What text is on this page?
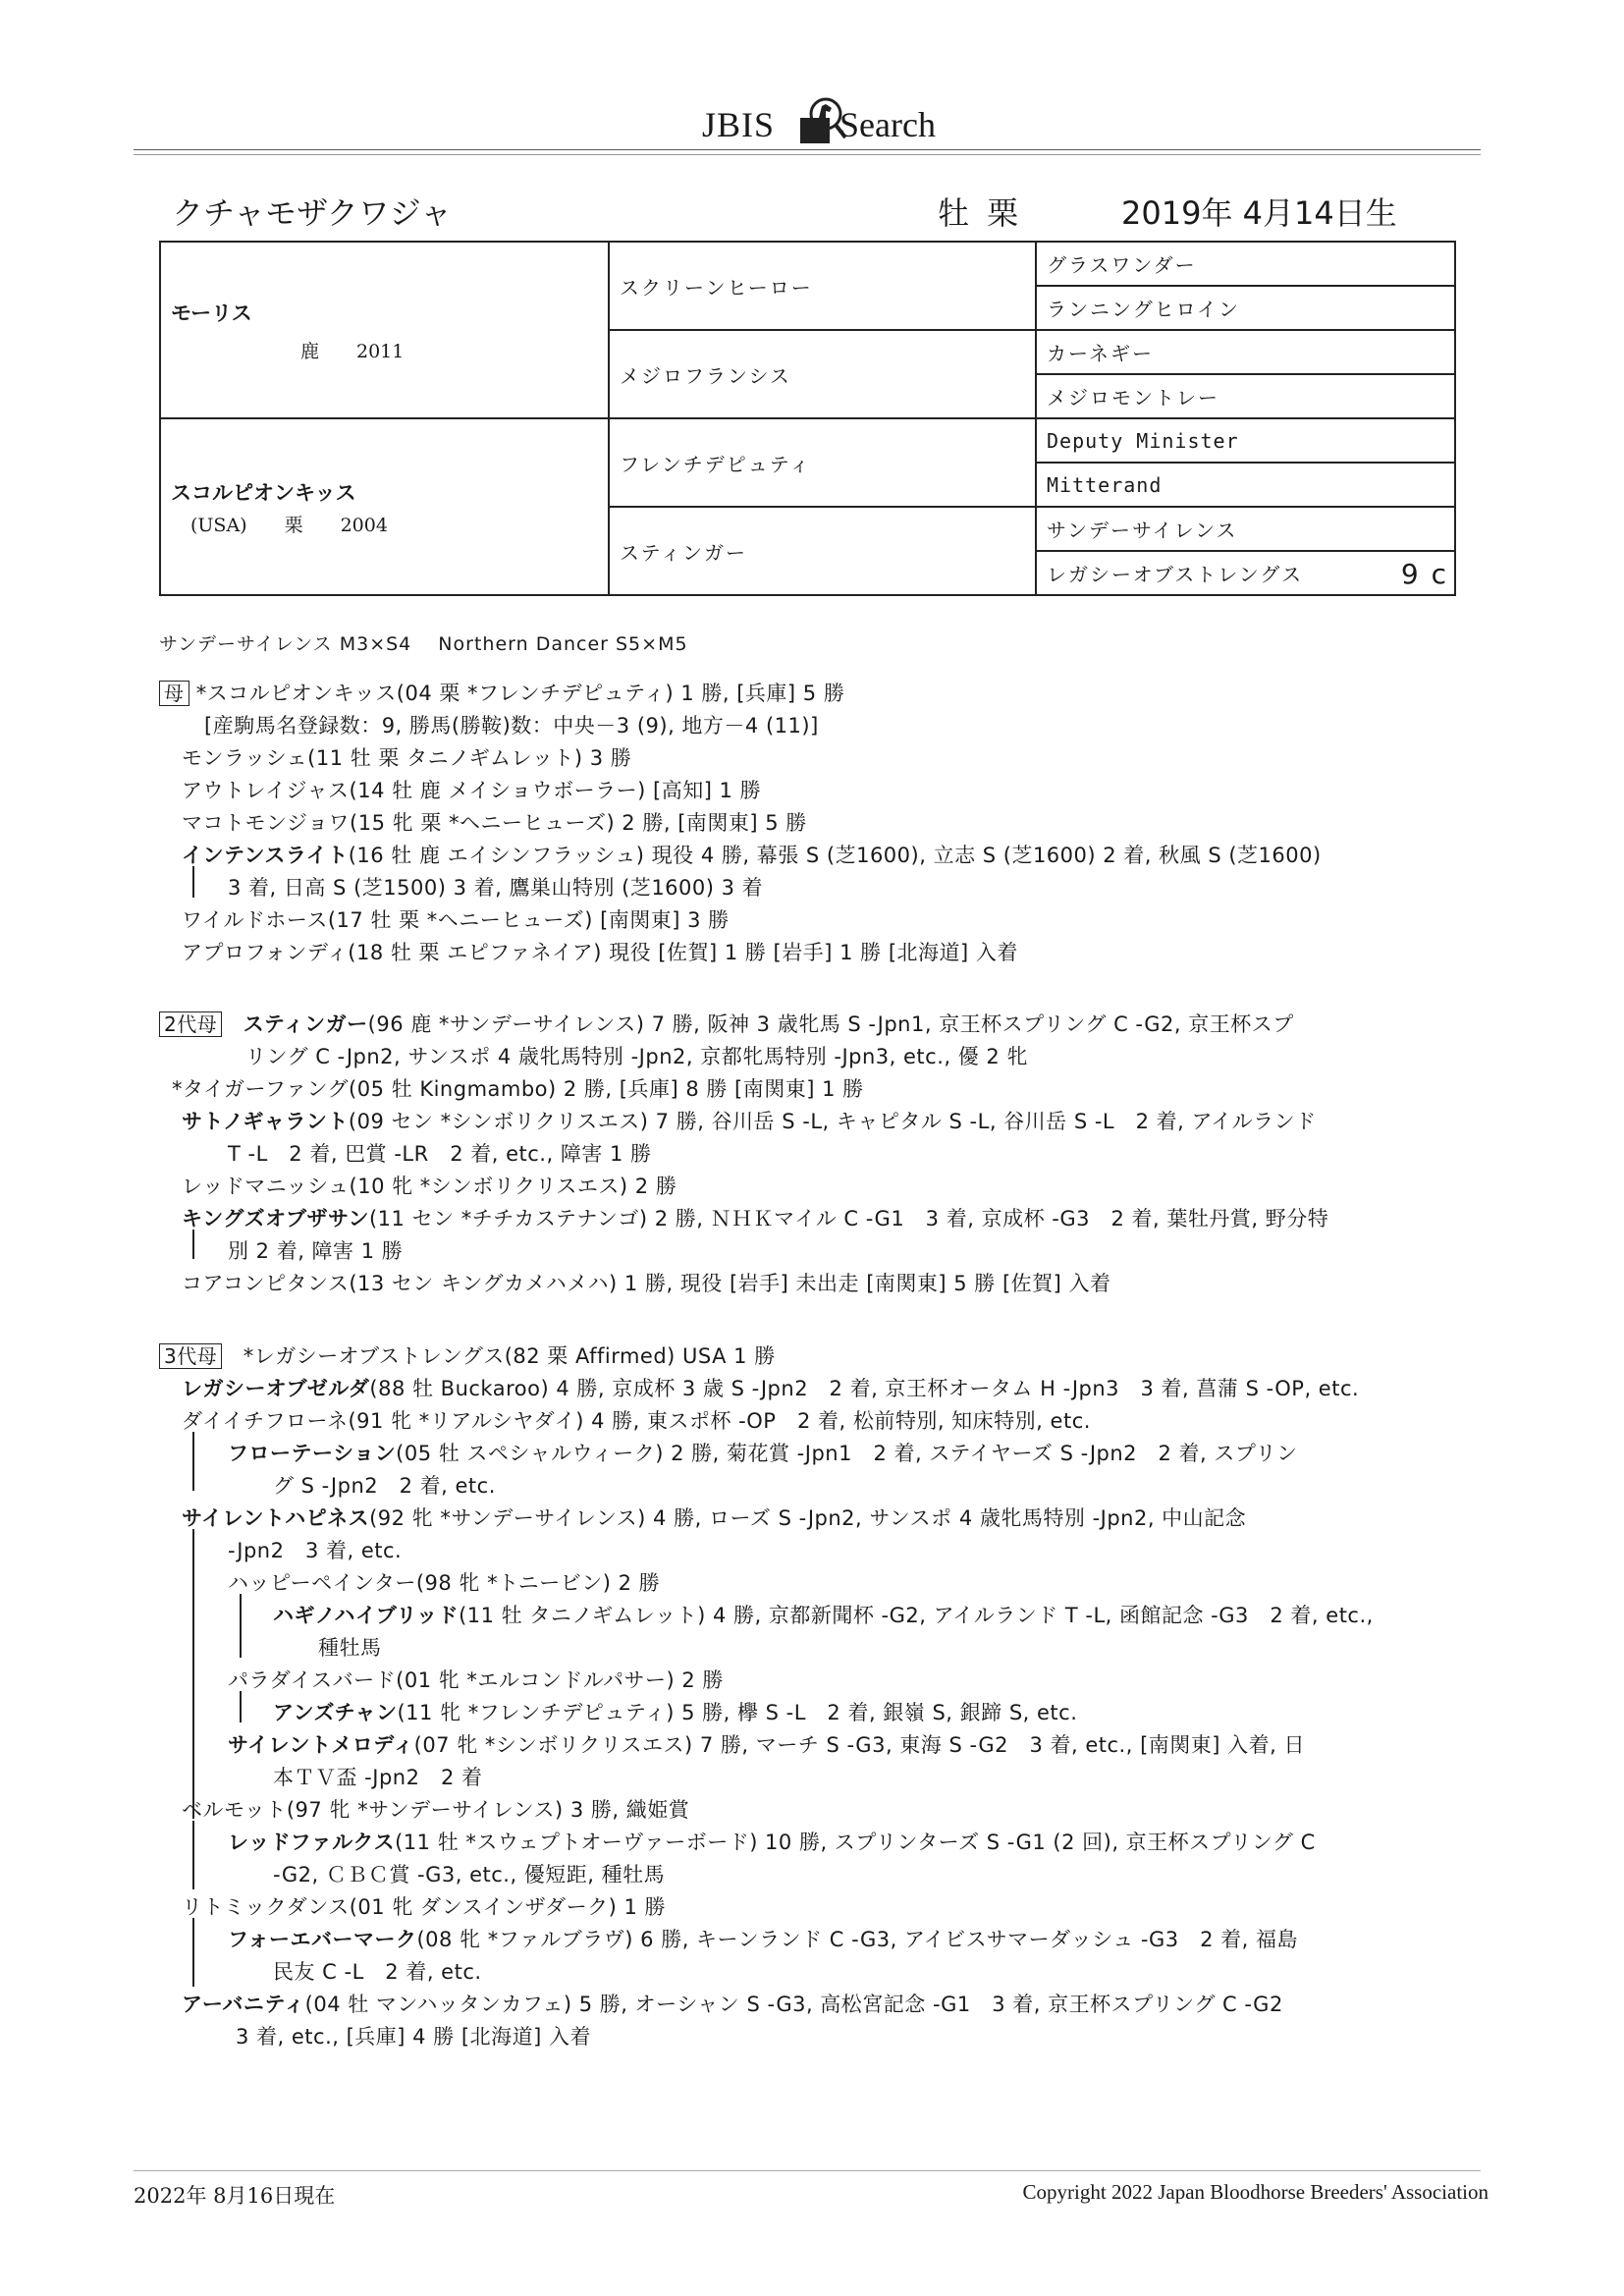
JBIS Search
クチャモザクワジャ	牡 栗	2019年 4月14日生
モーリス
鹿　　2011	スクリーンヒーロー	グラスワンダー
		ランニングヒロイン
	メジロフランシス	カーネギー
		メジロモントレー

スコルピオンキッス
(USA)　　栗　　2004	フレンチデピュティ	Deputy Minister
		Mitterand
	スティンガー	サンデーサイレンス
		レガシーオブストレングス 9 c
サンデーサイレンス M3×S4　 Northern Dancer S5×M5
母 *スコルピオンキッス(04 栗 *フレンチデピュティ) 1 勝, [兵庫] 5 勝
[産駒馬名登録数：9, 勝馬(勝鞍)数：中央－3 (9), 地方－4 (11)]
モンラッシェ(11 牡 栗 タニノギムレット) 3 勝
アウトレイジャス(14 牡 鹿 メイショウボーラー) [高知] 1 勝
マコトモンジョワ(15 牝 栗 *ヘニーヒューズ) 2 勝, [南関東] 5 勝
インテンスライト(16 牡 鹿 エイシンフラッシュ) 現役 4 勝, 幕張 S (芝1600), 立志 S (芝1600) 2 着, 秋風 S (芝1600)
3 着, 日高 S (芝1500) 3 着, 鷹巣山特別 (芝1600) 3 着
ワイルドホース(17 牡 栗 *ヘニーヒューズ) [南関東] 3 勝
アプロフォンディ(18 牡 栗 エピファネイア) 現役 [佐賀] 1 勝 [岩手] 1 勝 [北海道] 入着
2代母　 スティンガー(96 鹿 *サンデーサイレンス) 7 勝, 阪神 3 歳牝馬 S -Jpn1, 京王杯スプリング C -G2, 京王杯スプ
リング C -Jpn2, サンスポ 4 歳牝馬特別 -Jpn2, 京都牝馬特別 -Jpn3, etc., 優 2 牝
*タイガーファング(05 牡 Kingmambo) 2 勝, [兵庫] 8 勝 [南関東] 1 勝
サトノギャラント(09 セン *シンボリクリスエス) 7 勝, 谷川岳 S -L, キャピタル S -L, 谷川岳 S -L　2 着, アイルランド
T -L　2 着, 巴賞 -LR　2 着, etc., 障害 1 勝
レッドマニッシュ(10 牝 *シンボリクリスエス) 2 勝
キングズオブザサン(11 セン *チチカステナンゴ) 2 勝, ＮＨＫマイル C -G1　3 着, 京成杯 -G3　2 着, 葉牡丹賞, 野分特
別 2 着, 障害 1 勝
コアコンピタンス(13 セン キングカメハメハ) 1 勝, 現役 [岩手] 未出走 [南関東] 5 勝 [佐賀] 入着
3代母　 *レガシーオブストレングス(82 栗 Affirmed) USA 1 勝
レガシーオブゼルダ(88 牡 Buckaroo) 4 勝, 京成杯 3 歳 S -Jpn2　2 着, 京王杯オータム H -Jpn3　3 着, 菖蒲 S -OP, etc.
ダイイチフローネ(91 牝 *リアルシヤダイ) 4 勝, 東スポ杯 -OP　2 着, 松前特別, 知床特別, etc.
フローテーション(05 牡 スペシャルウィーク) 2 勝, 菊花賞 -Jpn1　2 着, ステイヤーズ S -Jpn2　2 着, スプリン
グ S -Jpn2　2 着, etc.
サイレントハピネス(92 牝 *サンデーサイレンス) 4 勝, ローズ S -Jpn2, サンスポ 4 歳牝馬特別 -Jpn2, 中山記念
-Jpn2　3 着, etc.
ハッピーペインター(98 牝 *トニービン) 2 勝
ハギノハイブリッド(11 牡 タニノギムレット) 4 勝, 京都新聞杯 -G2, アイルランド T -L, 函館記念 -G3　2 着, etc.,
種牡馬
パラダイスバード(01 牝 *エルコンドルパサー) 2 勝
アンズチャン(11 牝 *フレンチデピュティ) 5 勝, 欅 S -L　2 着, 銀嶺 S, 銀蹄 S, etc.
サイレントメロディ(07 牝 *シンボリクリスエス) 7 勝, マーチ S -G3, 東海 S -G2　3 着, etc., [南関東] 入着, 日
本ＴＶ盃 -Jpn2　2 着
ベルモット(97 牝 *サンデーサイレンス) 3 勝, 織姫賞
レッドファルクス(11 牡 *スウェプトオーヴァーボード) 10 勝, スプリンターズ S -G1 (2 回), 京王杯スプリング C
-G2, ＣＢＣ賞 -G3, etc., 優短距, 種牡馬
リトミックダンス(01 牝 ダンスインザダーク) 1 勝
フォーエバーマーク(08 牝 *ファルブラヴ) 6 勝, キーンランド C -G3, アイビスサマーダッシュ -G3　2 着, 福島
民友 C -L　2 着, etc.
アーバニティ(04 牡 マンハッタンカフェ) 5 勝, オーシャン S -G3, 高松宮記念 -G1　3 着, 京王杯スプリング C -G2
3 着, etc., [兵庫] 4 勝 [北海道] 入着
2022年 8月16日現在	Copyright 2022 Japan Bloodhorse Breeders' Association
